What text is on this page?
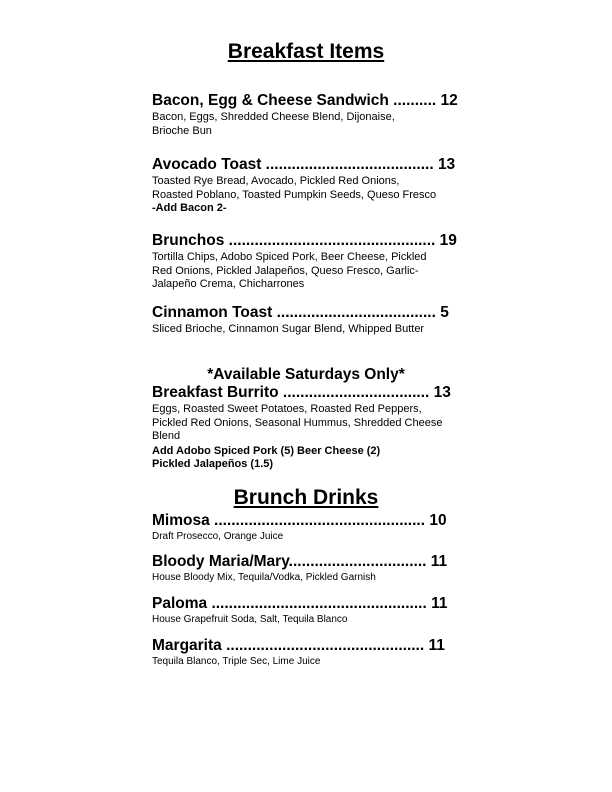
Breakfast Items
Bacon, Egg & Cheese Sandwich .......... 12
Bacon, Eggs, Shredded Cheese Blend, Dijonaise,
Brioche Bun
Avocado Toast ....................................... 13
Toasted Rye Bread, Avocado, Pickled Red Onions,
Roasted Poblano, Toasted Pumpkin Seeds, Queso Fresco
-Add Bacon 2-
Brunchos ................................................ 19
Tortilla Chips, Adobo Spiced Pork, Beer Cheese, Pickled
Red Onions, Pickled Jalapeños, Queso Fresco, Garlic-
Jalapeño Crema, Chicharrones
Cinnamon Toast ..................................... 5
Sliced Brioche, Cinnamon Sugar Blend, Whipped Butter
*Available Saturdays Only*
Breakfast Burrito .................................. 13
Eggs, Roasted Sweet Potatoes, Roasted Red Peppers,
Pickled Red Onions, Seasonal Hummus, Shredded Cheese
Blend
Add Adobo Spiced Pork (5) Beer Cheese (2)
Pickled Jalapeños (1.5)
Brunch Drinks
Mimosa ................................................. 10
Draft Prosecco, Orange Juice
Bloody Maria/Mary................................ 11
House Bloody Mix, Tequila/Vodka, Pickled Garnish
Paloma .................................................. 11
House Grapefruit Soda, Salt, Tequila Blanco
Margarita .............................................. 11
Tequila Blanco, Triple Sec, Lime Juice
